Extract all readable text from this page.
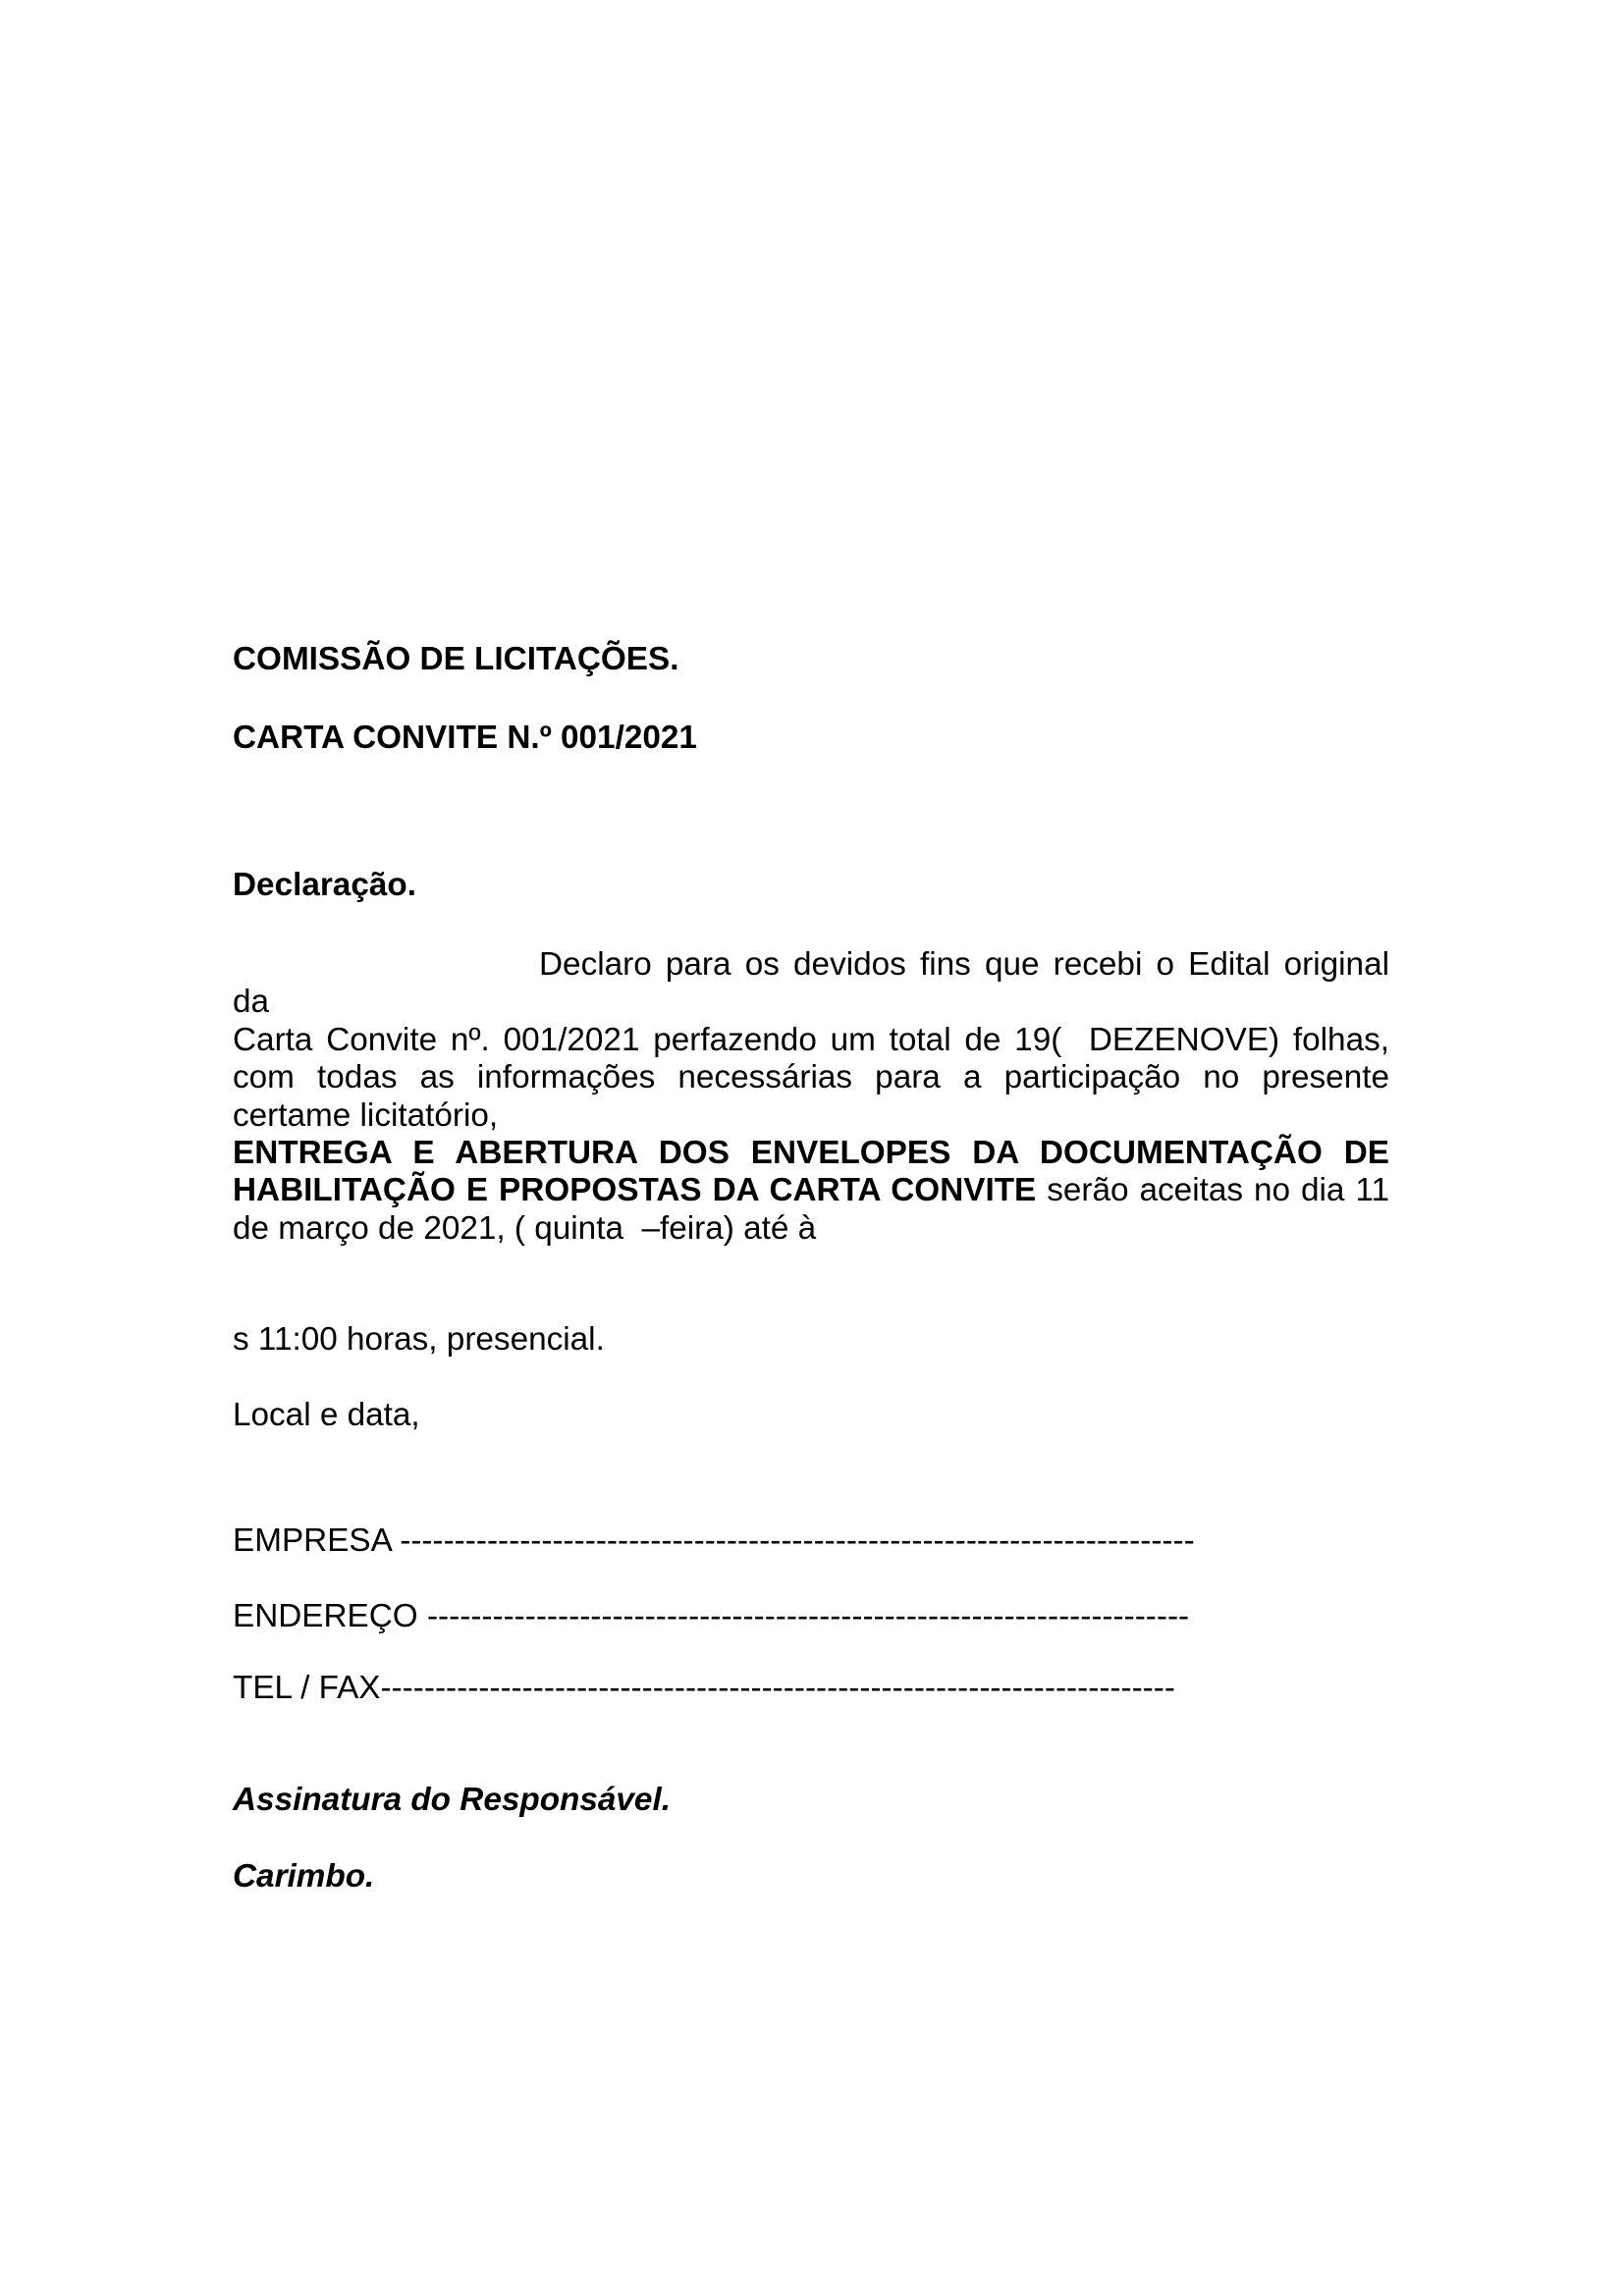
COMISSÃO DE LICITAÇÕES.
CARTA CONVITE N.º 001/2021
Declaração.
Declaro para os devidos fins que recebi o Edital original da
Carta Convite nº. 001/2021 perfazendo um total de 19(  DEZENOVE) folhas,
com todas as informações necessárias para a participação no presente
certame licitatório,
ENTREGA E ABERTURA DOS ENVELOPES DA DOCUMENTAÇÃO DE
HABILITAÇÃO E PROPOSTAS DA CARTA CONVITE serão aceitas no dia 11
de março de 2021, ( quinta  –feira) até à
s 11:00 horas, presencial.
Local e data,
EMPRESA -------------------------------------------------------------------------
ENDEREÇO ----------------------------------------------------------------------
TEL / FAX-------------------------------------------------------------------------
Assinatura do Responsável.
Carimbo.
